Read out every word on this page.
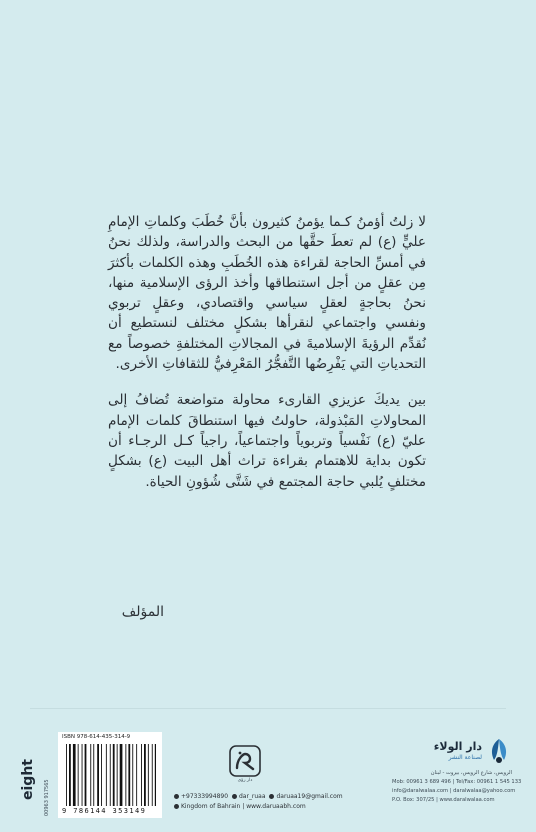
لا زلتُ أؤمنُ كـما يؤمنُ كثيرون بأنَّ خُطَبَ وكلماتِ الإمامِ عليٍّ (ع) لم تعطَ حقَّها من البحث والدراسة، ولذلك نحنُ في أمسِّ الحاجة لقراءة هذه الخُطَبِ وهذه الكلمات بأكثرَ مِن عقلٍ من أجل استنطاقها وأخذ الرؤى الإسلامية منها، نحنُ بحاجةٍ لعقلٍ سياسي واقتصادي، وعقلٍ تربوي ونفسي واجتماعي لنقرأها بشكلٍ مختلف لنستطيع أن نُقدِّم الرؤيةَ الإسلاميةَ في المجالاتِ المختلفةِ خصوصاً مع التحدياتِ التي يَفْرِضُها التَّفجُّرُ المَعْرِفيُّ للثقافاتِ الأخرى.

بين يديكَ عزيزي القارىء محاولة متواضعة تُضافُ إلى المحاولاتِ المَبْذولة، حاولتُ فيها استنطاقَ كلمات الإمام عليّ (ع) نَفْسياً وتربوياً واجتماعياً، راجياً كـل الرجـاء أن تكون بداية للاهتمام بقراءة تراث أهل البيت (ع) بشكلٍ مختلفٍ يُلبي حاجة المجتمع في شَتَّى شُؤونِ الحياة.

المؤلف
دار الولاء
لصناعة النشر
الرويس، شارع الرويس، بيروت - لبنان
Mob: 00961 3 689 496 | Tel/Fax: 00961 1 545 133
info@daralwalaa.com | daralwalaa@yahoo.com
P.O. Box: 307/25 | www.daralwalaa.com
دار رؤى
+97333994890 dar_ruaa daruaa19@gmail.com
Kingdom of Bahrain | www.daruaabh.com
ISBN 978-614-435-314-9
9 786144 353149
eight 00963 917565
